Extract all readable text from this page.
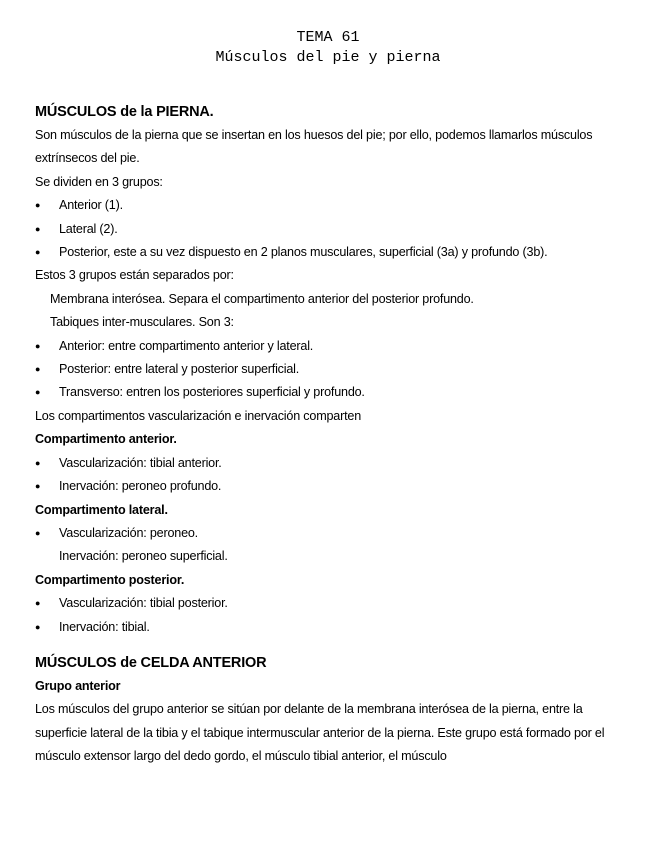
TEMA 61
Músculos del pie y pierna

MÚSCULOS de la PIERNA.

Son músculos de la pierna que se insertan en los huesos del pie; por ello, podemos llamarlos músculos extrínsecos del pie.

Se dividen en 3 grupos:

● Anterior (1).
● Lateral (2).
● Posterior, este a su vez dispuesto en 2 planos musculares, superficial (3a) y profundo (3b).

Estos 3 grupos están separados por:

Membrana interósea. Separa el compartimento anterior del posterior profundo.

Tabiques inter-musculares. Son 3:

● Anterior: entre compartimento anterior y lateral.
● Posterior: entre lateral y posterior superficial.
● Transverso: entren los posteriores superficial y profundo.

Los compartimentos vascularización e inervación comparten

Compartimento anterior.

● Vascularización: tibial anterior.
● Inervación: peroneo profundo.

Compartimento lateral.

● Vascularización: peroneo.

Inervación: peroneo superficial.

Compartimento posterior.

● Vascularización: tibial posterior.
● Inervación: tibial.

MÚSCULOS de CELDA ANTERIOR

Grupo anterior

Los músculos del grupo anterior se sitúan por delante de la membrana interósea de la pierna, entre la superficie lateral de la tibia y el tabique intermuscular anterior de la pierna. Este grupo está formado por el músculo extensor largo del dedo gordo, el músculo tibial anterior, el músculo
